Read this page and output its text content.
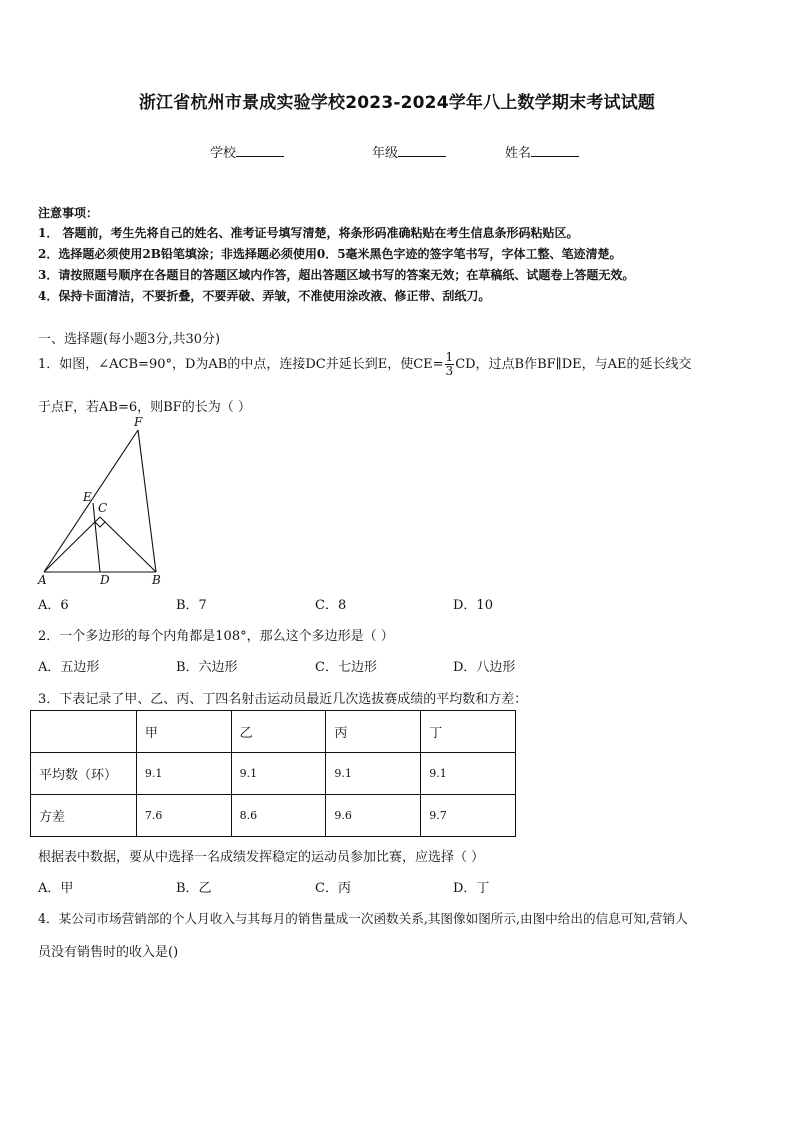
浙江省杭州市景成实验学校2023-2024学年八上数学期末考试试题
学校	年级	姓名
注意事项：
1． 答题前，考生先将自己的姓名、准考证号填写清楚，将条形码准确粘贴在考生信息条形码粘贴区。
2．选择题必须使用2B铅笔填涂；非选择题必须使用0．5毫米黑色字迹的签字笔书写，字体工整、笔迹清楚。
3．请按照题号顺序在各题目的答题区域内作答，超出答题区域书写的答案无效；在草稿纸、试题卷上答题无效。
4．保持卡面清洁，不要折叠，不要弄破、弄皱，不准使用涂改液、修正带、刮纸刀。
一、选择题(每小题3分,共30分)
1．如图，∠ACB=90°，D为AB的中点，连接DC并延长到E，使$CE= \frac{1}{3}$ CD，过点B作BF∥DE，与AE的延长线交
于点F，若AB=6，则BF的长为（ ）
F
E
C
A	D	B
A．6	B．7	C．8	D．10
2．一个多边形的每个内角都是108°，那么这个多边形是（ ）
A．五边形	B．六边形	C．七边形	D．八边形
3．下表记录了甲、乙、丙、丁四名射击运动员最近几次选拔赛成绩的平均数和方差：
	甲	乙	丙	丁
平均数（环）	9.1	9.1	9.1	9.1
方差	7.6	8.6	9.6	9.7
根据表中数据，要从中选择一名成绩发挥稳定的运动员参加比赛，应选择（ ）
A．甲	B．乙	C．丙	D．丁
4．某公司市场营销部的个人月收入与其每月的销售量成一次函数关系,其图像如图所示,由图中给出的信息可知,营销人
员没有销售时的收入是()
